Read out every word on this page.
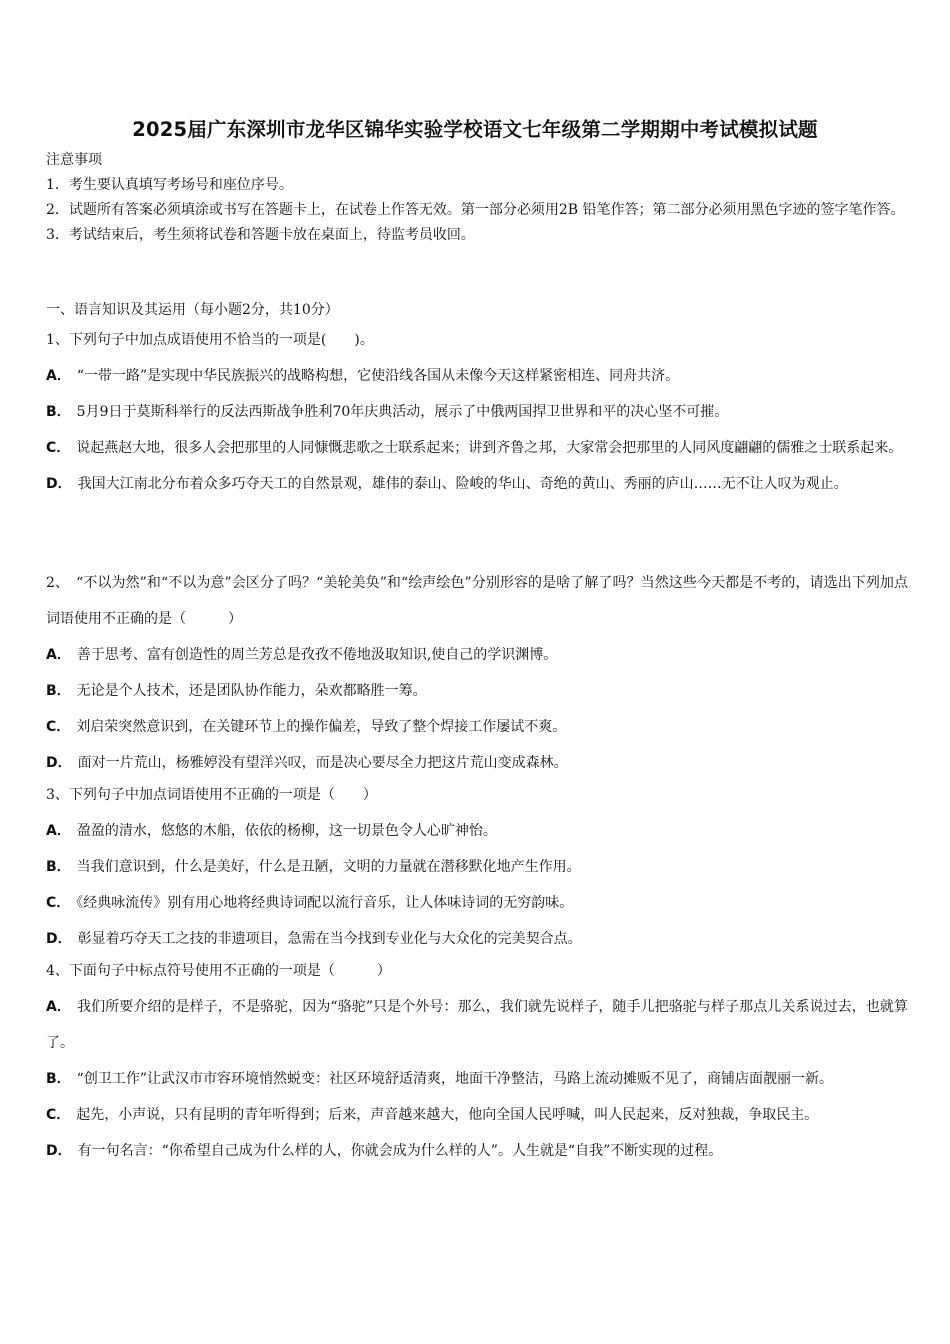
2025届广东深圳市龙华区锦华实验学校语文七年级第二学期期中考试模拟试题
注意事项
1．考生要认真填写考场号和座位序号。
2．试题所有答案必须填涂或书写在答题卡上，在试卷上作答无效。第一部分必须用2B 铅笔作答；第二部分必须用黑色字迹的签字笔作答。
3．考试结束后，考生须将试卷和答题卡放在桌面上，待监考员收回。
一、语言知识及其运用（每小题2分，共10分）
1、下列句子中加点成语使用不恰当的一项是(　　)。
A． “一带一路”是实现中华民族振兴的战略构想，它使沿线各国从未像今天这样紧密相连、同舟共济。
B． 5月9日于莫斯科举行的反法西斯战争胜利70年庆典活动，展示了中俄两国捍卫世界和平的决心坚不可摧。
C． 说起燕赵大地，很多人会把那里的人同慷慨悲歌之士联系起来；讲到齐鲁之邦，大家常会把那里的人同风度翩翩的儒雅之士联系起来。
D． 我国大江南北分布着众多巧夺天工的自然景观，雄伟的泰山、险峻的华山、奇绝的黄山、秀丽的庐山……无不让人叹为观止。
2、　“不以为然”和“不以为意”会区分了吗？“美轮美奂”和“绘声绘色”分别形容的是啥了解了吗？当然这些今天都是不考的，请选出下列加点词语使用不正确的是（　　　）
A． 善于思考、富有创造性的周兰芳总是孜孜不倦地汲取知识,使自己的学识渊博。
B． 无论是个人技术，还是团队协作能力，朵欢都略胜一筹。
C． 刘启荣突然意识到，在关键环节上的操作偏差，导致了整个焊接工作屡试不爽。
D． 面对一片荒山，杨雅婷没有望洋兴叹，而是决心要尽全力把这片荒山变成森林。
3、下列句子中加点词语使用不正确的一项是（　　）
A． 盈盈的清水，悠悠的木船，依依的杨柳，这一切景色令人心旷神怡。
B． 当我们意识到，什么是美好，什么是丑陋，文明的力量就在潜移默化地产生作用。
C． 《经典咏流传》别有用心地将经典诗词配以流行音乐，让人体味诗词的无穷韵味。
D． 彰显着巧夺天工之技的非遗项目，急需在当今找到专业化与大众化的完美契合点。
4、下面句子中标点符号使用不正确的一项是（　　　）
A． 我们所要介绍的是样子，不是骆驼，因为“骆驼”只是个外号：那么，我们就先说样子，随手儿把骆驼与样子那点儿关系说过去，也就算了。
B． “创卫工作”让武汉市市容环境悄然蜕变：社区环境舒适清爽，地面干净整洁，马路上流动摊贩不见了，商铺店面靓丽一新。
C． 起先，小声说，只有昆明的青年听得到；后来，声音越来越大，他向全国人民呼喊，叫人民起来，反对独裁，争取民主。
D． 有一句名言：“你希望自己成为什么样的人，你就会成为什么样的人”。人生就是“自我”不断实现的过程。
